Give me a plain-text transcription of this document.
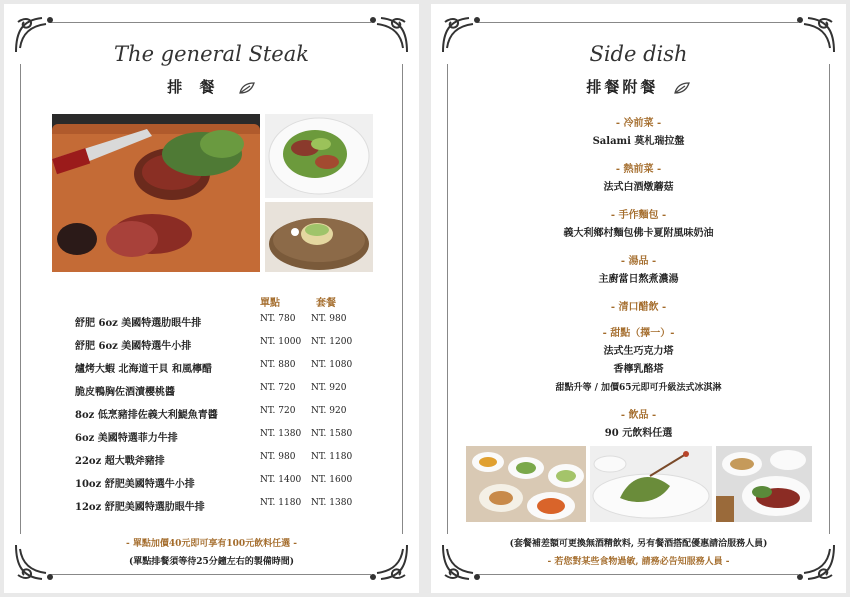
The general Steak
排 餐
單點	套餐
舒肥 6oz 美國特選肋眼牛排	NT. 780 NT. 980
舒肥 6oz 美國特選牛小排	NT. 1000 NT. 1200
爐烤大蝦 北海道干貝 和風檸醋	NT. 880 NT. 1080
脆皮鴨胸佐酒漬櫻桃醬	NT. 720 NT. 920
8oz 低烹豬排佐義大利鯷魚青醬	NT. 720 NT. 920
6oz 美國特選菲力牛排	NT. 1380 NT. 1580
22oz 超大戰斧豬排	NT. 980 NT. 1180
10oz 舒肥美國特選牛小排	NT. 1400 NT. 1600
12oz 舒肥美國特選肋眼牛排	NT. 1180 NT. 1380
- 單點加價40元即可享有100元飲料任選 -
(單點排餐須等待25分鐘左右的製備時間)
Side dish
排餐附餐
- 冷前菜 -
Salami 莫札瑞拉盤
- 熱前菜 -
法式白酒燉蘑菇
- 手作麵包 -
義大利鄉村麵包佛卡夏附風味奶油
- 湯品 -
主廚當日熬煮濃湯
- 清口醋飲 -
- 甜點（擇一）-
法式生巧克力塔
香檸乳酪塔
甜點升等 / 加價65元即可升級法式冰淇淋
- 飲品 -
90 元飲料任選
(套餐補差額可更換無酒精飲料, 另有餐酒搭配優惠請洽服務人員)
- 若您對某些食物過敏, 請務必告知服務人員 -
